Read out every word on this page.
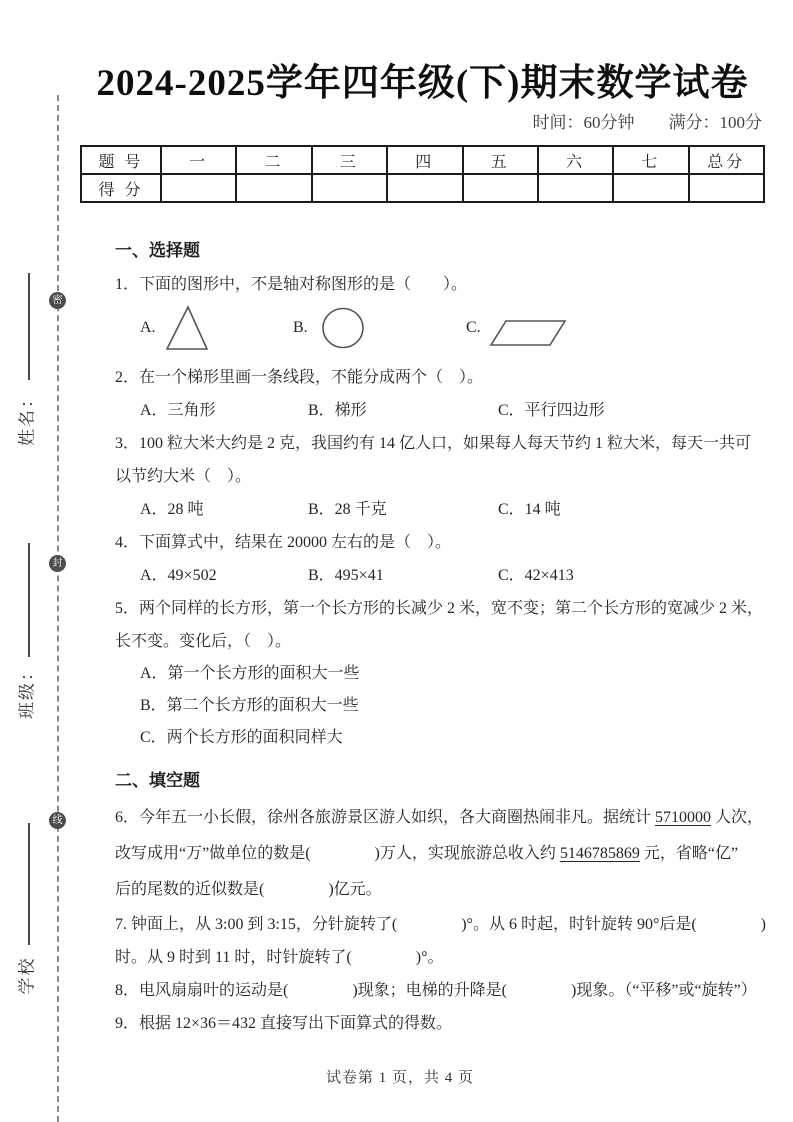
密
封
线
姓名：
班级：
学校
2024-2025学年四年级(下)期末数学试卷
时间：60分钟 满分：100分
题 号	一	二	三	四	五	六	七	总分
得 分								
一、选择题
1．下面的图形中，不是轴对称图形的是（　　）。
A.	B.	C.
2．在一个梯形里画一条线段，不能分成两个（　）。
A．三角形	B．梯形	C．平行四边形
3．100 粒大米大约是 2 克，我国约有 14 亿人口，如果每人每天节约 1 粒大米，每天一共可
以节约大米（　）。
A．28 吨	B．28 千克	C．14 吨
4．下面算式中，结果在 20000 左右的是（　）。
A．49×502	B．495×41	C．42×413
5．两个同样的长方形，第一个长方形的长减少 2 米，宽不变；第二个长方形的宽减少 2 米，
长不变。变化后，（　）。
A．第一个长方形的面积大一些
B．第二个长方形的面积大一些
C．两个长方形的面积同样大
二、填空题
6．今年五一小长假，徐州各旅游景区游人如织，各大商圈热闹非凡。据统计 5710000 人次，
改写成用“万”做单位的数是(　　　　)万人，实现旅游总收入约 5146785869 元，省略“亿”
后的尾数的近似数是(　　　　)亿元。
7. 钟面上，从 3:00 到 3:15，分针旋转了(　　　　)°。从 6 时起，时针旋转 90°后是(　　　　)
时。从 9 时到 11 时，时针旋转了(　　　　)°。
8．电风扇扇叶的运动是(　　　　)现象；电梯的升降是(　　　　)现象。（“平移”或“旋转”）
9．根据 12×36＝432 直接写出下面算式的得数。
试卷第 1 页，共 4 页
